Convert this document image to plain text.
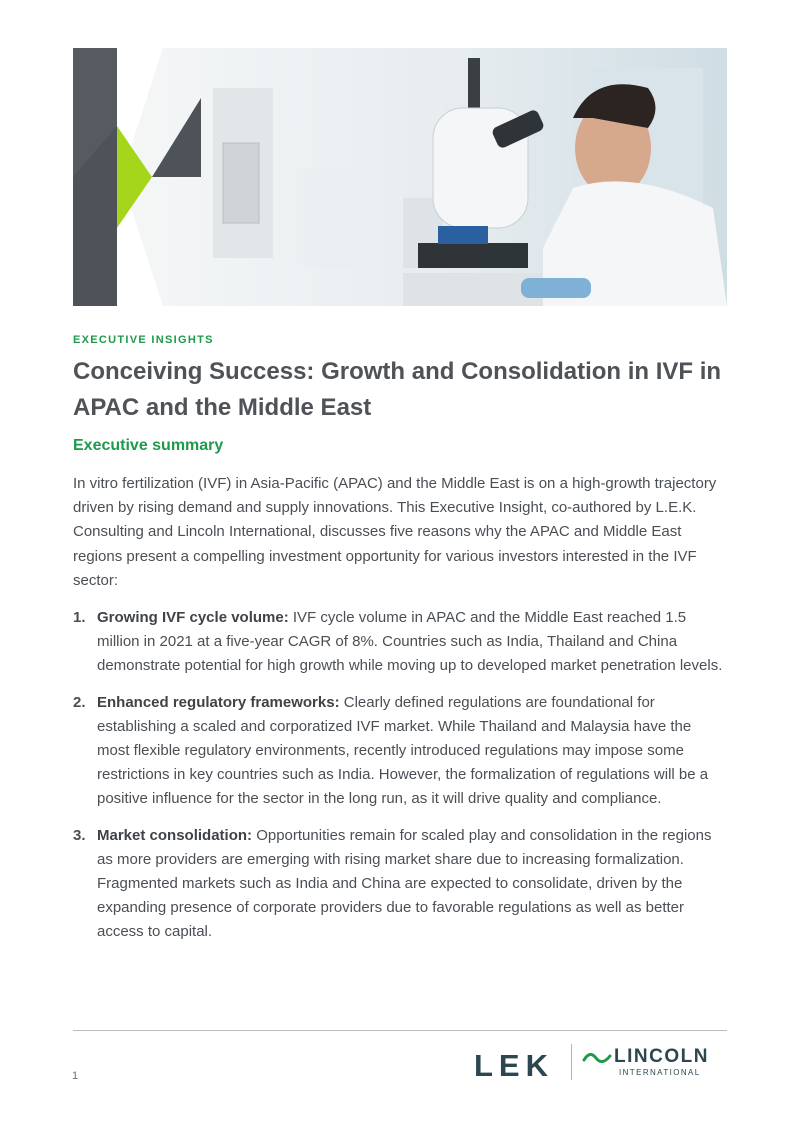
EXECUTIVE INSIGHTS
Conceiving Success: Growth and Consolidation in IVF in APAC and the Middle East
Executive summary

In vitro fertilization (IVF) in Asia-Pacific (APAC) and the Middle East is on a high-growth trajectory driven by rising demand and supply innovations. This Executive Insight, co-authored by L.E.K. Consulting and Lincoln International, discusses five reasons why the APAC and Middle East regions present a compelling investment opportunity for various investors interested in the IVF sector:

1. Growing IVF cycle volume: IVF cycle volume in APAC and the Middle East reached 1.5 million in 2021 at a five-year CAGR of 8%. Countries such as India, Thailand and China demonstrate potential for high growth while moving up to developed market penetration levels.
2. Enhanced regulatory frameworks: Clearly defined regulations are foundational for establishing a scaled and corporatized IVF market. While Thailand and Malaysia have the most flexible regulatory environments, recently introduced regulations may impose some restrictions in key countries such as India. However, the formalization of regulations will be a positive influence for the sector in the long run, as it will drive quality and compliance.
3. Market consolidation: Opportunities remain for scaled play and consolidation in the regions as more providers are emerging with rising market share due to increasing formalization. Fragmented markets such as India and China are expected to consolidate, driven by the expanding presence of corporate providers due to favorable regulations as well as better access to capital.
1	LEK	LINCOLN
INTERNATIONAL
